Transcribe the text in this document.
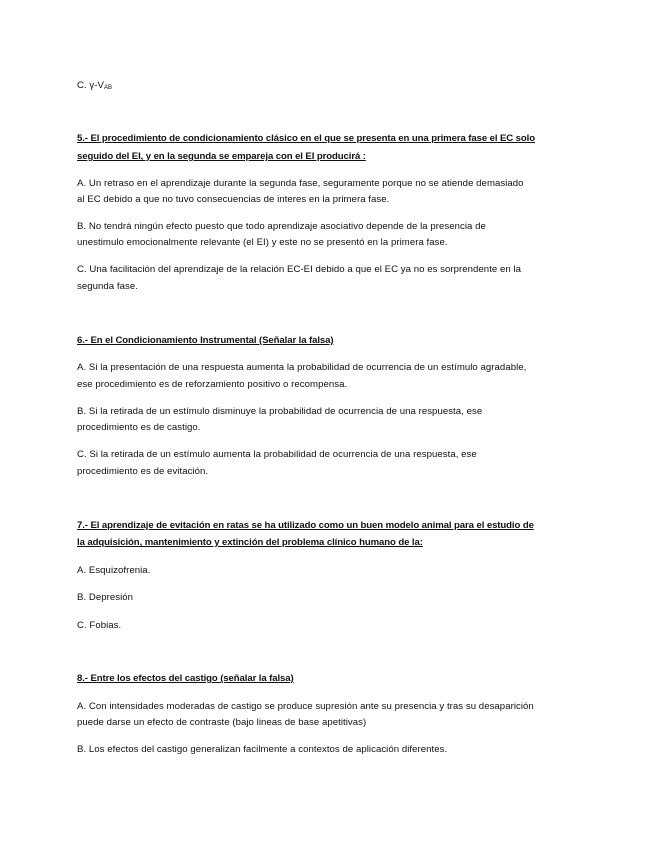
C. γ-VAB
5.- El procedimiento de condicionamiento clásico en el que se presenta en una primera fase el EC solo
seguido del EI, y en la segunda se empareja con el EI producirá :
A. Un retraso en el aprendizaje durante la segunda fase, seguramente porque no se atiende demasiado
al EC debido a que no tuvo consecuencias de interes en la primera fase.
B. No tendrá ningún efecto puesto que todo aprendizaje asociativo depende de la presencia de
unestimulo emocionalmente relevante (el EI) y este no se presentó en la primera fase.
C. Una facilitación del aprendizaje de la relación EC-EI debido a que el EC ya no es sorprendente en la
segunda fase.
6.- En el Condicionamiento Instrumental (Señalar la falsa)
A. Si la presentación de una respuesta aumenta la probabilidad de ocurrencia de un estímulo agradable,
ese procedimiento es de reforzamiento positivo o recompensa.
B. Si la retirada de un estímulo disminuye la probabilidad de ocurrencia de una respuesta, ese
procedimiento es de castigo.
C. Si la retirada de un estímulo aumenta la probabilidad de ocurrencia de una respuesta, ese
procedimiento es de evitación.
7.- El aprendizaje de evitación en ratas se ha utilizado como un buen modelo animal para el estudio de
la adquisición, mantenimiento y extinción del problema clínico humano de la:
A. Esquizofrenia.
B. Depresión
C. Fobias.
8.- Entre los efectos del castigo (señalar la falsa)
A. Con intensidades moderadas de castigo se produce supresión ante su presencia y tras su desaparición
puede darse un efecto de contraste (bajo lineas de base apetitivas)
B. Los efectos del castigo generalizan facilmente a contextos de aplicación diferentes.
